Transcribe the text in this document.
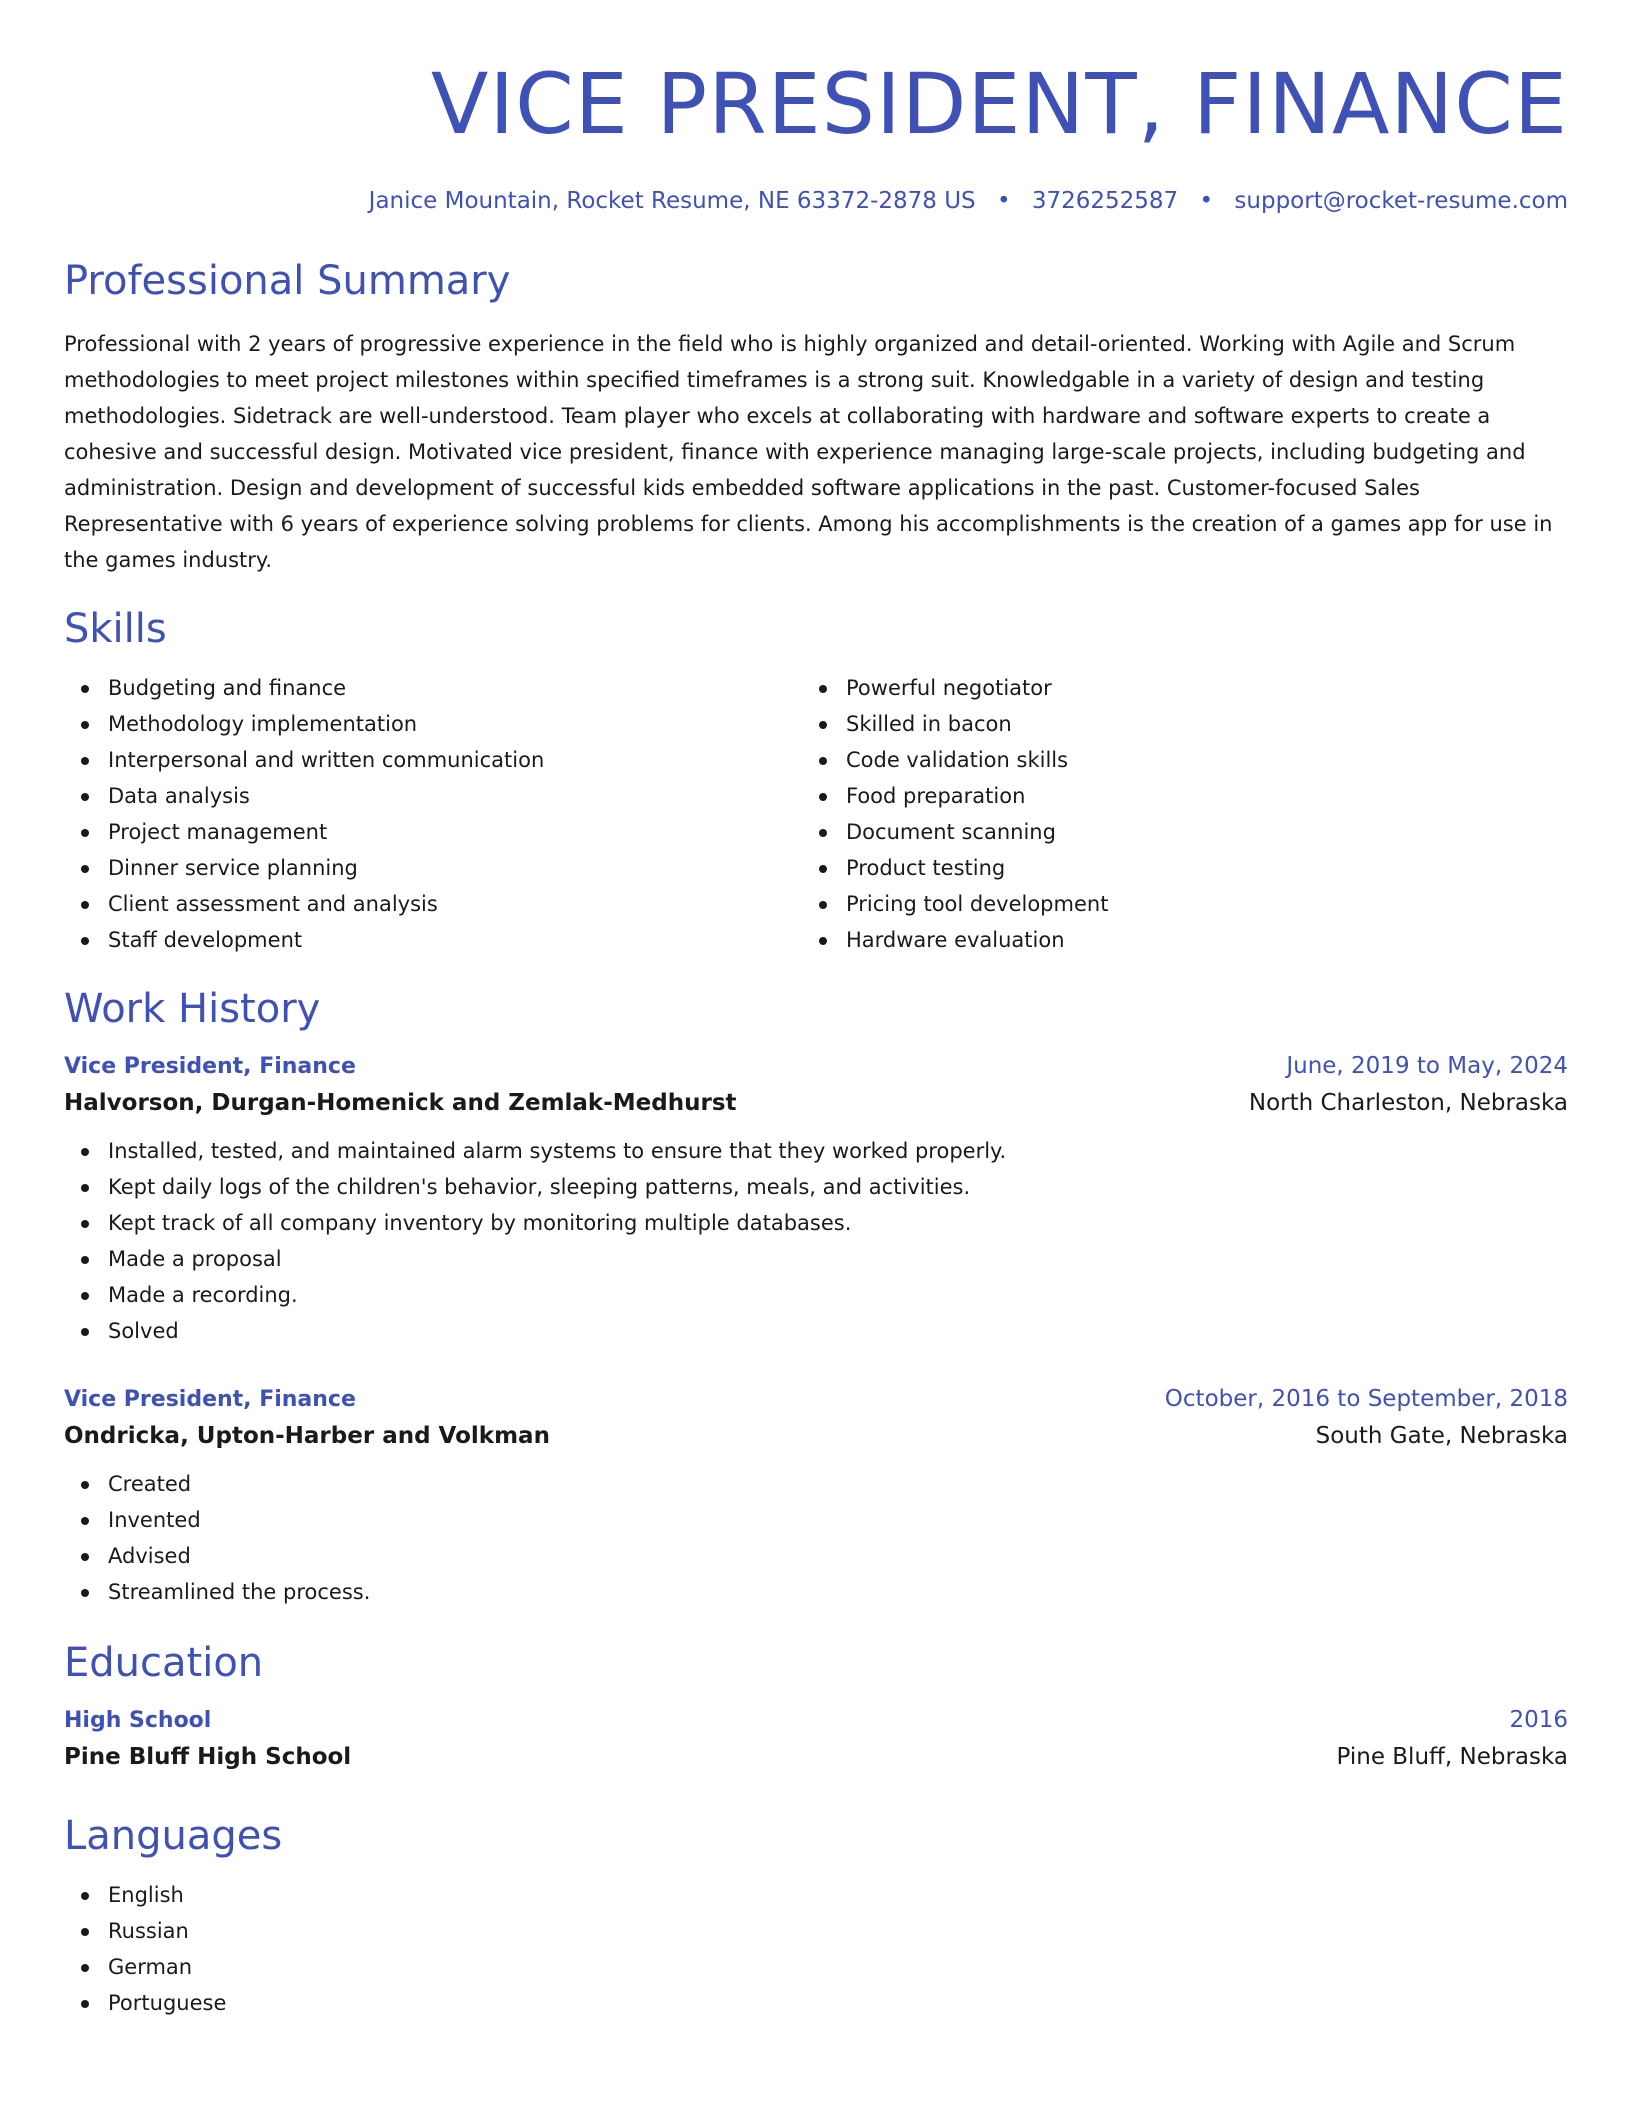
VICE PRESIDENT, FINANCE
Janice Mountain, Rocket Resume, NE 63372-2878 US • 3726252587 • support@rocket-resume.com
Professional Summary

Professional with 2 years of progressive experience in the field who is highly organized and detail-oriented. Working with Agile and Scrum methodologies to meet project milestones within specified timeframes is a strong suit. Knowledgable in a variety of design and testing methodologies. Sidetrack are well-understood. Team player who excels at collaborating with hardware and software experts to create a cohesive and successful design. Motivated vice president, finance with experience managing large-scale projects, including budgeting and administration. Design and development of successful kids embedded software applications in the past. Customer-focused Sales Representative with 6 years of experience solving problems for clients. Among his accomplishments is the creation of a games app for use in the games industry.

Skills
Budgeting and finance
Methodology implementation
Interpersonal and written communication
Data analysis
Project management
Dinner service planning
Client assessment and analysis
Staff development
Powerful negotiator
Skilled in bacon
Code validation skills
Food preparation
Document scanning
Product testing
Pricing tool development
Hardware evaluation
Work History
Vice President, Finance	June, 2019 to May, 2024
Halvorson, Durgan-Homenick and Zemlak-Medhurst	North Charleston, Nebraska
Installed, tested, and maintained alarm systems to ensure that they worked properly.
Kept daily logs of the children's behavior, sleeping patterns, meals, and activities.
Kept track of all company inventory by monitoring multiple databases.
Made a proposal
Made a recording.
Solved
Vice President, Finance	October, 2016 to September, 2018
Ondricka, Upton-Harber and Volkman	South Gate, Nebraska
Created
Invented
Advised
Streamlined the process.
Education
High School	2016
Pine Bluff High School	Pine Bluff, Nebraska
Languages
English
Russian
German
Portuguese
